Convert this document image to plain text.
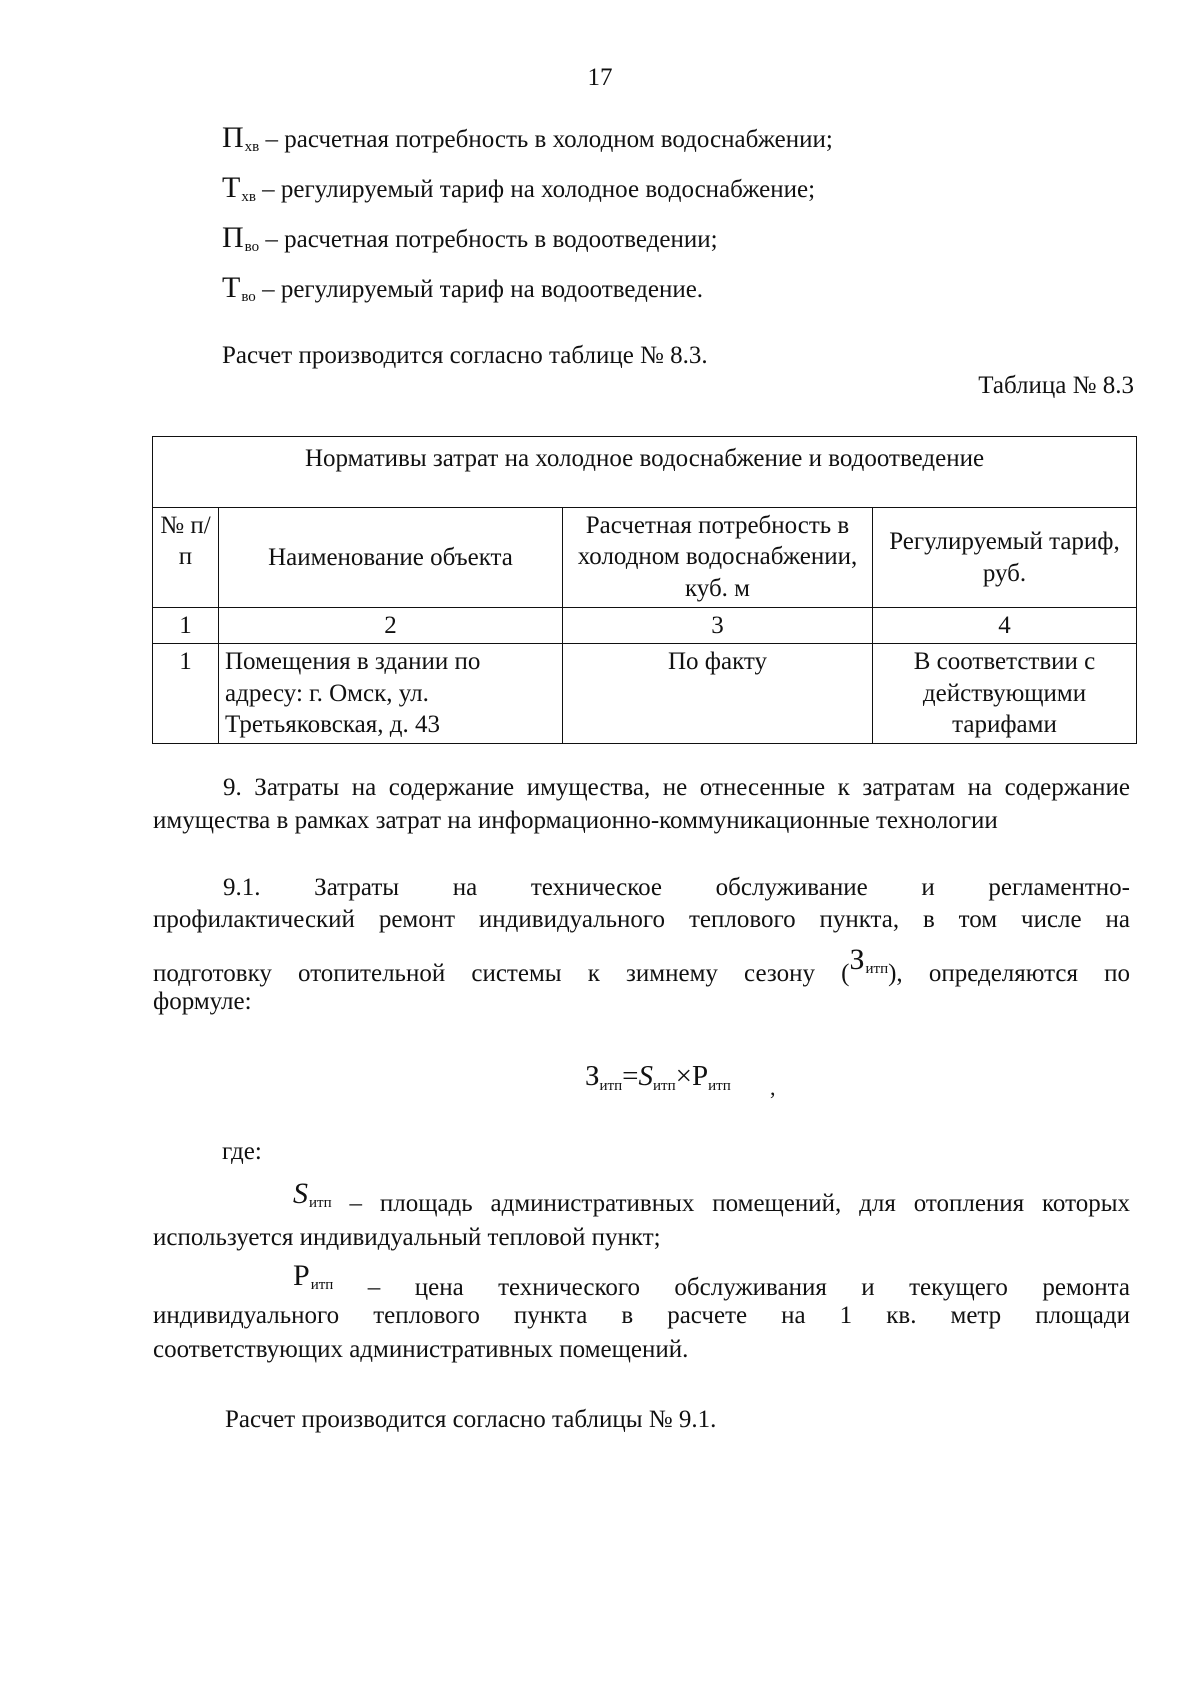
17
$П_{хв}$ – расчетная потребность в холодном водоснабжении;
$Т_{хв}$ – регулируемый тариф на холодное водоснабжение;
$П_{во}$ – расчетная потребность в водоотведении;
$Т_{во}$ – регулируемый тариф на водоотведение.
Расчет производится согласно таблице № 8.3.
Таблица № 8.3
Нормативы затрат на холодное водоснабжение и водоотведение			
№ п/п	Наименование объекта	Расчетная потребность в холодном водоснабжении, куб. м	Регулируемый тариф, руб.
1	2	3	4
1	Помещения в здании по адресу: г. Омск, ул. Третьяковская, д. 43	По факту	В соответствии с действующими тарифами
9. Затраты на содержание имущества, не отнесенные к затратам на содержание имущества в рамках затрат на информационно-коммуникационные технологии
9.1. Затраты на техническое обслуживание и регламентно-
профилактический ремонт индивидуального теплового пункта, в том числе на
подготовку отопительной системы к зимнему сезону $(З_{итп})$, определяются по
формуле:
$З_{итп}=S_{итп}\times Р_{итп}$ ,
где:
$S_{итп}$ – площадь административных помещений, для отопления которых используется индивидуальный тепловой пункт;
$Р_{итп}$ – цена технического обслуживания и текущего ремонта
индивидуального теплового пункта в расчете на 1 кв. метр площади
соответствующих административных помещений.
Расчет производится согласно таблицы № 9.1.
